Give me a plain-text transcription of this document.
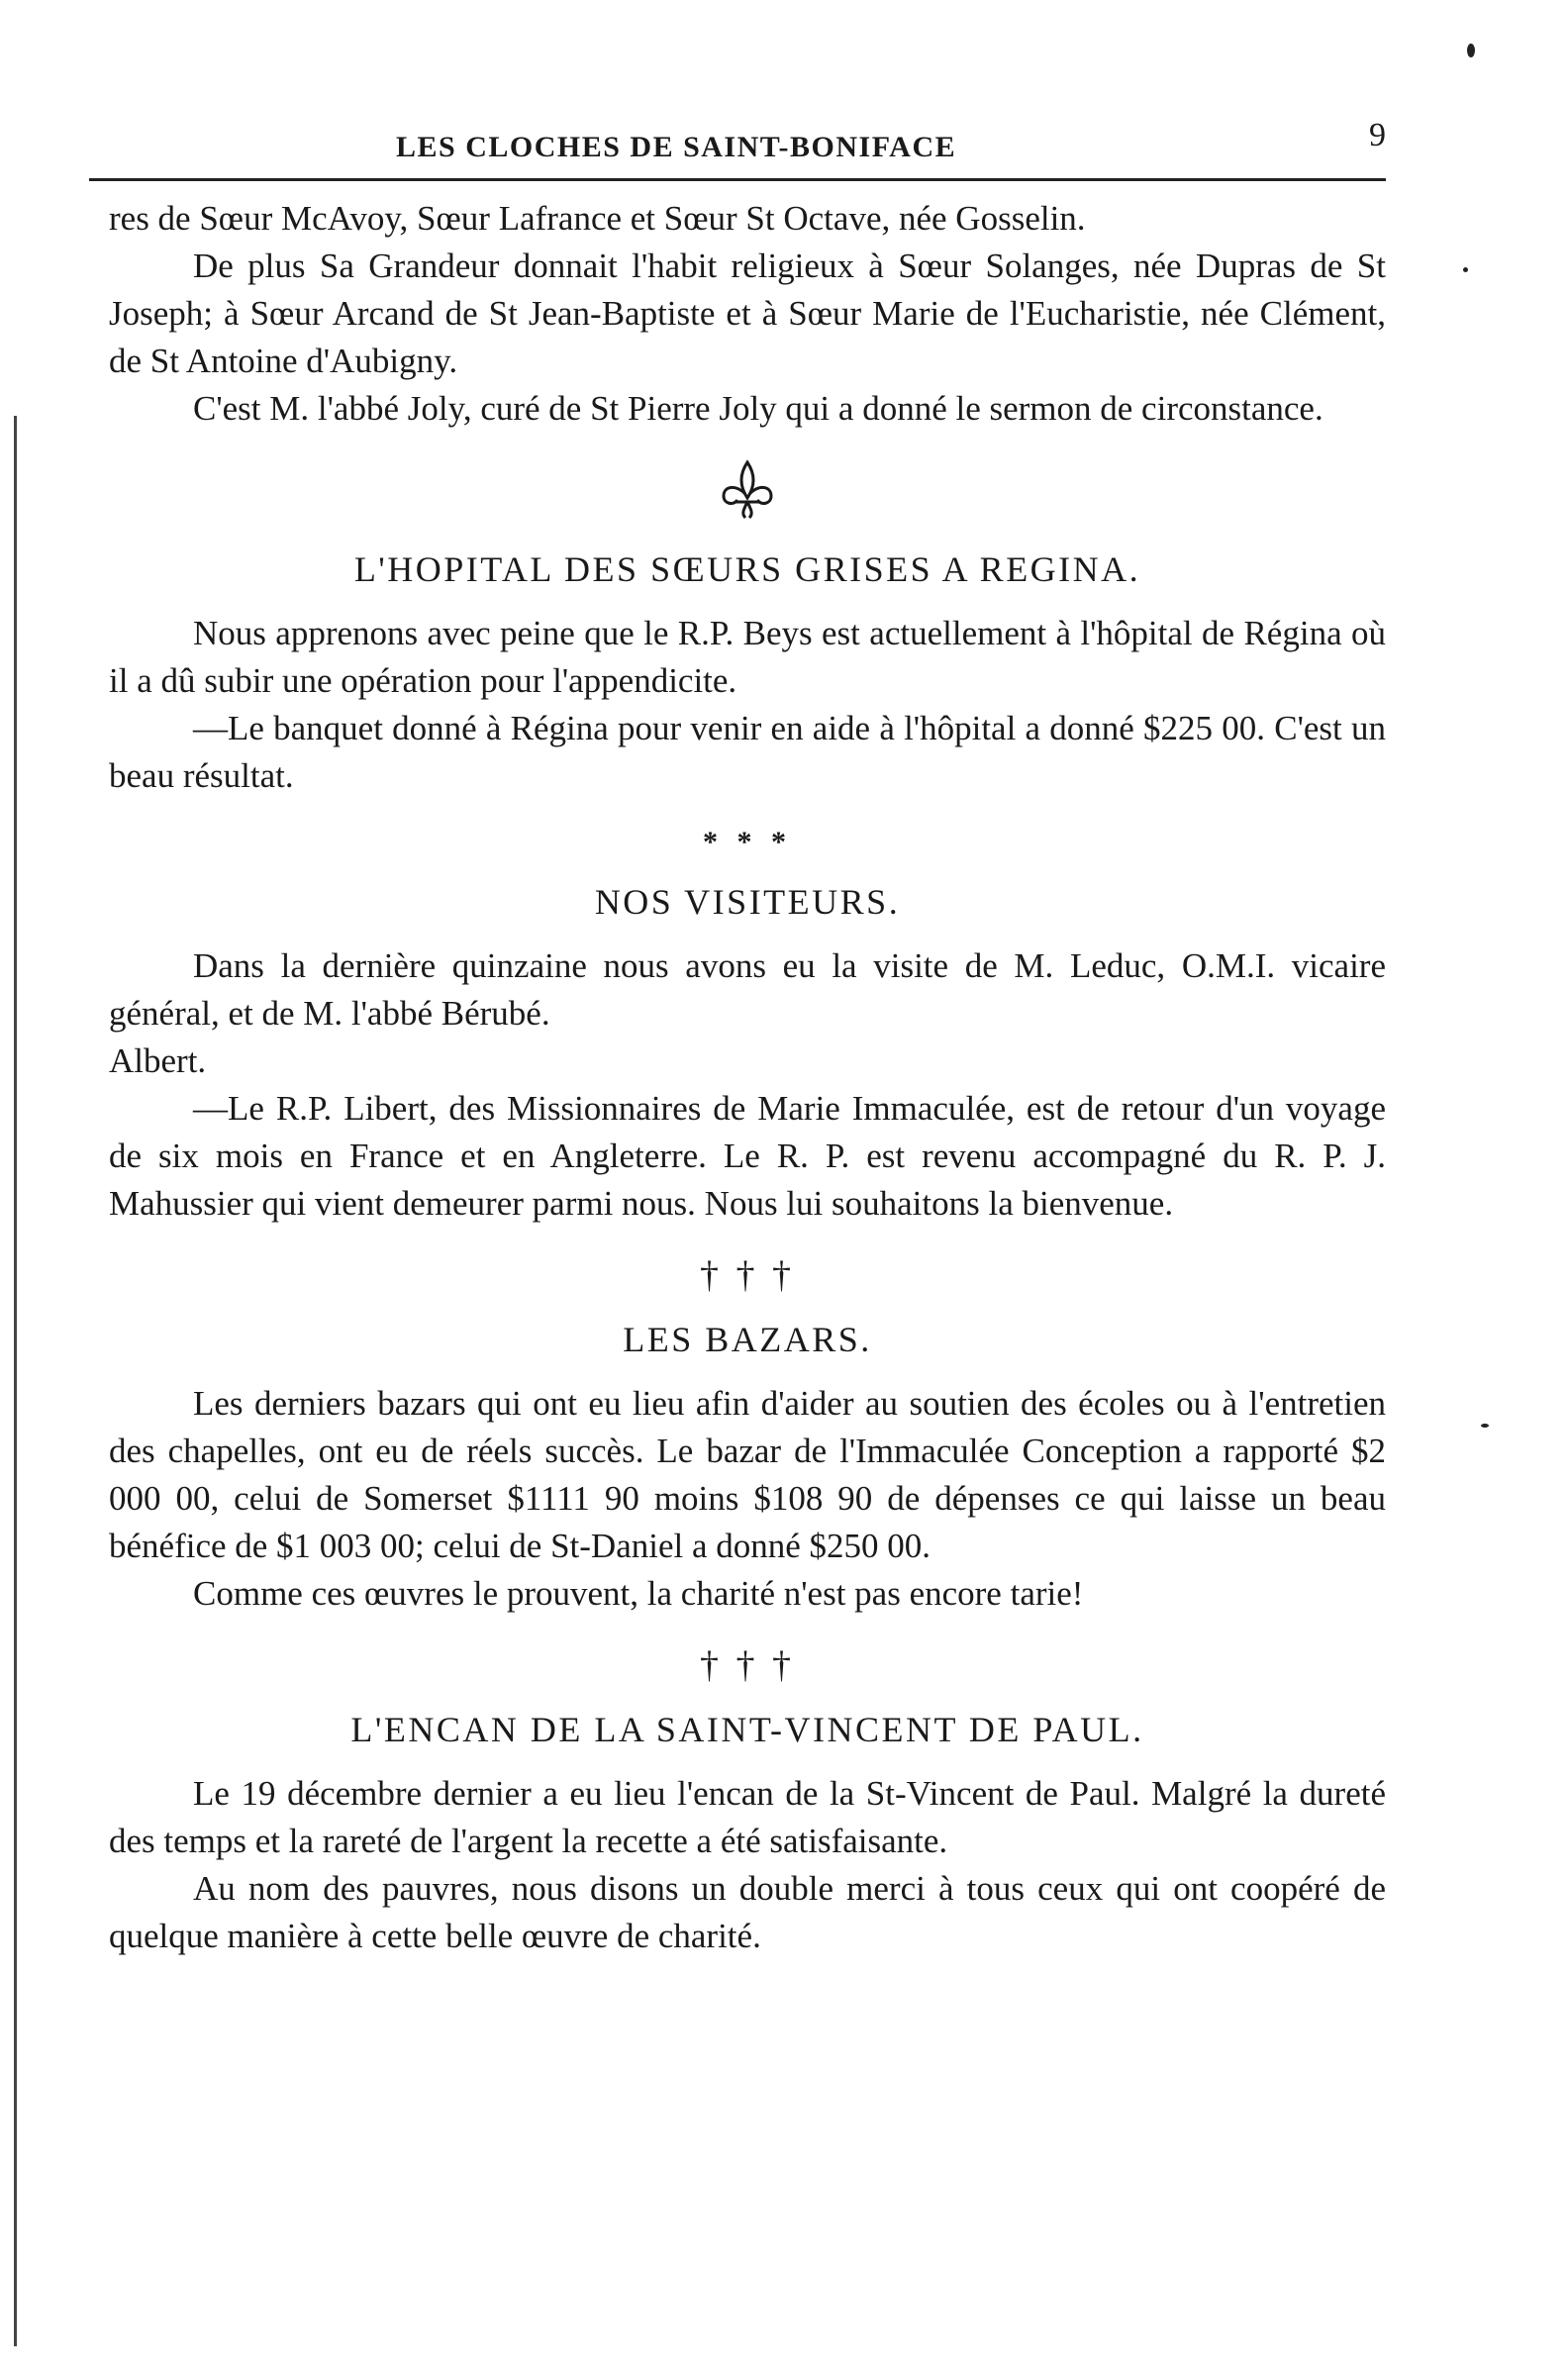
LES CLOCHES DE SAINT-BONIFACE	9

res de Sœur McAvoy, Sœur Lafrance et Sœur St Octave, née Gosselin.

De plus Sa Grandeur donnait l'habit religieux à Sœur Solanges, née Dupras de St Joseph; à Sœur Arcand de St Jean-Baptiste et à Sœur Marie de l'Eucharistie, née Clément, de St Antoine d'Aubigny.

C'est M. l'abbé Joly, curé de St Pierre Joly qui a donné le sermon de circonstance.

L'HOPITAL DES SŒURS GRISES A REGINA.

Nous apprenons avec peine que le R.P. Beys est actuellement à l'hôpital de Régina où il a dû subir une opération pour l'appendicite.

—Le banquet donné à Régina pour venir en aide à l'hôpital a donné $225 00. C'est un beau résultat.

* * *
NOS VISITEURS.

Dans la dernière quinzaine nous avons eu la visite de M. Leduc, O.M.I. vicaire général, et de M. l'abbé Bérubé.

Albert.

—Le R.P. Libert, des Missionnaires de Marie Immaculée, est de retour d'un voyage de six mois en France et en Angleterre. Le R. P. est revenu accompagné du R. P. J. Mahussier qui vient demeurer parmi nous. Nous lui souhaitons la bienvenue.

† † †
LES BAZARS.

Les derniers bazars qui ont eu lieu afin d'aider au soutien des écoles ou à l'entretien des chapelles, ont eu de réels succès. Le bazar de l'Immaculée Conception a rapporté $2 000 00, celui de Somerset $1111 90 moins $108 90 de dépenses ce qui laisse un beau bénéfice de $1 003 00; celui de St-Daniel a donné $250 00.

Comme ces œuvres le prouvent, la charité n'est pas encore tarie!

† † †
L'ENCAN DE LA SAINT-VINCENT DE PAUL.

Le 19 décembre dernier a eu lieu l'encan de la St-Vincent de Paul. Malgré la dureté des temps et la rareté de l'argent la recette a été satisfaisante.

Au nom des pauvres, nous disons un double merci à tous ceux qui ont coopéré de quelque manière à cette belle œuvre de charité.
